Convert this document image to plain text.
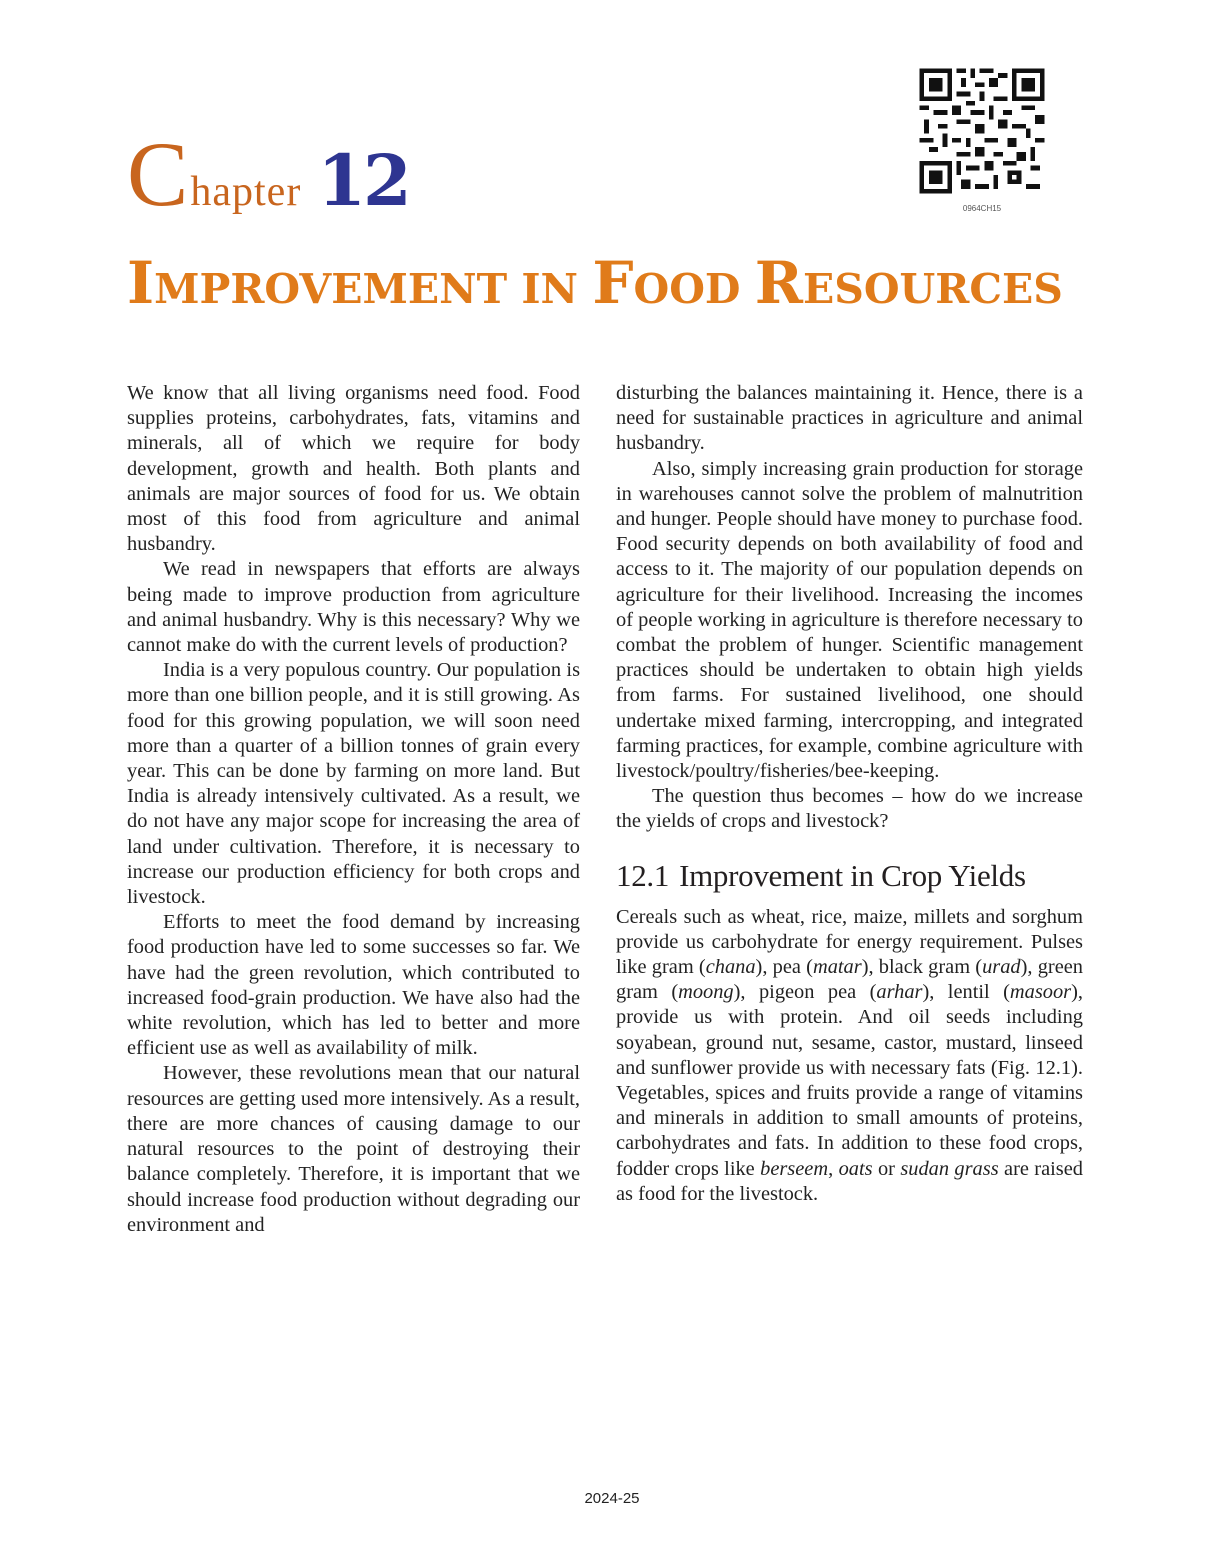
C hapter 12	0964CH15
IMPROVEMENT IN FOOD RESOURCES

We know that all living organisms need food. Food supplies proteins, carbohydrates, fats, vitamins and minerals, all of which we require for body development, growth and health. Both plants and animals are major sources of food for us. We obtain most of this food from agriculture and animal husbandry.

We read in newspapers that efforts are always being made to improve production from agriculture and animal husbandry. Why is this necessary? Why we cannot make do with the current levels of production?

India is a very populous country. Our population is more than one billion people, and it is still growing. As food for this growing population, we will soon need more than a quarter of a billion tonnes of grain every year. This can be done by farming on more land. But India is already intensively cultivated. As a result, we do not have any major scope for increasing the area of land under cultivation. Therefore, it is necessary to increase our production efficiency for both crops and livestock.

Efforts to meet the food demand by increasing food production have led to some successes so far. We have had the green revolution, which contributed to increased food-grain production. We have also had the white revolution, which has led to better and more efficient use as well as availability of milk.

However, these revolutions mean that our natural resources are getting used more intensively. As a result, there are more chances of causing damage to our natural resources to the point of destroying their balance completely. Therefore, it is important that we should increase food production without degrading our environment and

disturbing the balances maintaining it. Hence, there is a need for sustainable practices in agriculture and animal husbandry.

Also, simply increasing grain production for storage in warehouses cannot solve the problem of malnutrition and hunger. People should have money to purchase food. Food security depends on both availability of food and access to it. The majority of our population depends on agriculture for their livelihood. Increasing the incomes of people working in agriculture is therefore necessary to combat the problem of hunger. Scientific management practices should be undertaken to obtain high yields from farms. For sustained livelihood, one should undertake mixed farming, intercropping, and integrated farming practices, for example, combine agriculture with livestock/poultry/fisheries/bee-keeping.

The question thus becomes – how do we increase the yields of crops and livestock?

12.1 Improvement in Crop Yields

Cereals such as wheat, rice, maize, millets and sorghum provide us carbohydrate for energy requirement. Pulses like gram (chana), pea (matar), black gram (urad), green gram (moong), pigeon pea (arhar), lentil (masoor), provide us with protein. And oil seeds including soyabean, ground nut, sesame, castor, mustard, linseed and sunflower provide us with necessary fats (Fig. 12.1). Vegetables, spices and fruits provide a range of vitamins and minerals in addition to small amounts of proteins, carbohydrates and fats. In addition to these food crops, fodder crops like berseem, oats or sudan grass are raised as food for the livestock.

2024-25
